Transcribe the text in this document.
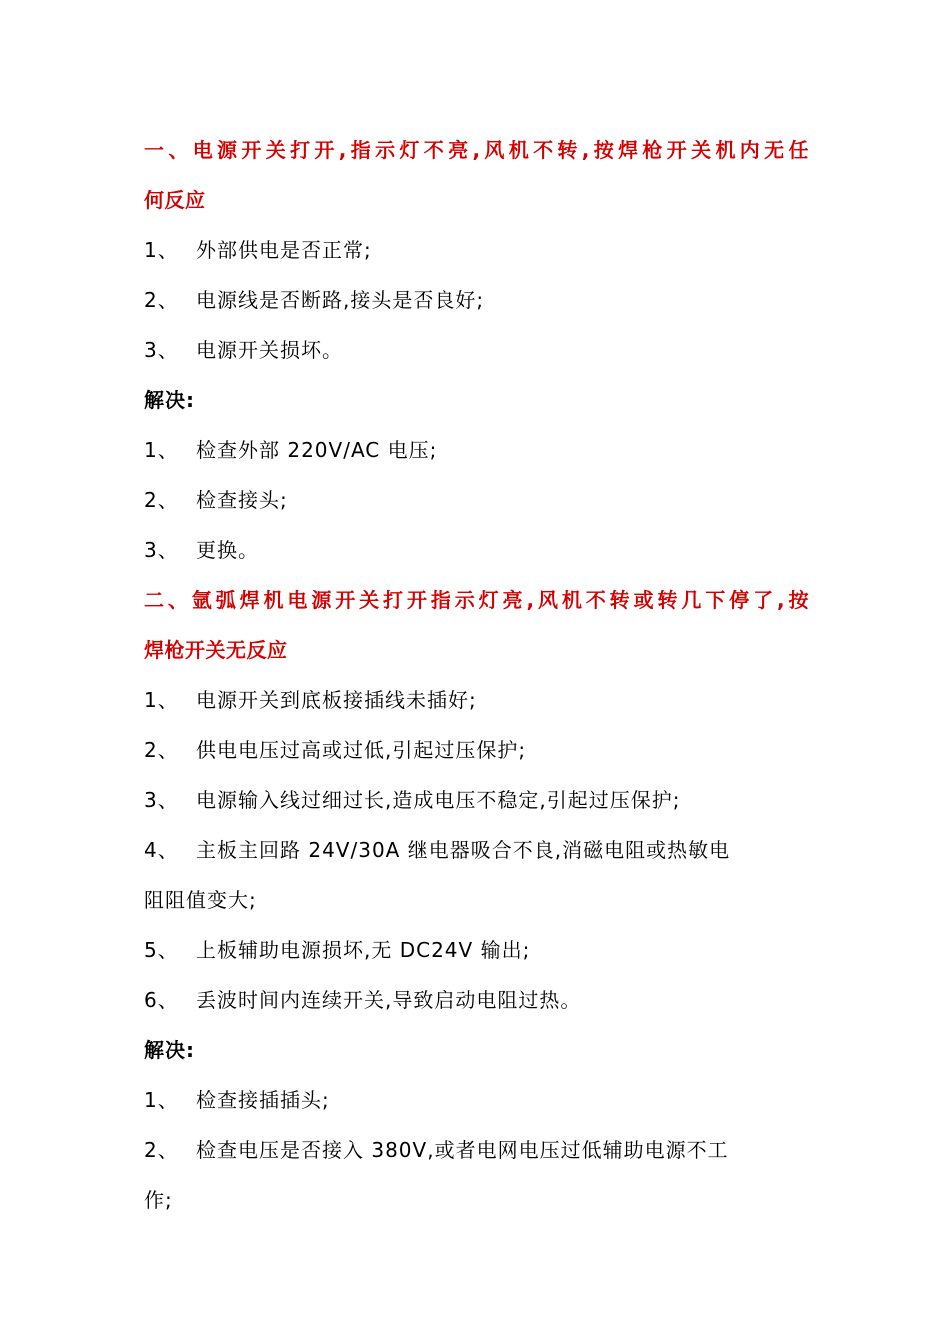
一、电源开关打开,指示灯不亮,风机不转,按焊枪开关机内无任
何反应
1、 外部供电是否正常;
2、 电源线是否断路,接头是否良好;
3、 电源开关损坏。
解决:
1、 检查外部 220V/AC 电压;
2、 检查接头;
3、 更换。
二、氩弧焊机电源开关打开指示灯亮,风机不转或转几下停了,按
焊枪开关无反应
1、 电源开关到底板接插线未插好;
2、 供电电压过高或过低,引起过压保护;
3、 电源输入线过细过长,造成电压不稳定,引起过压保护;
4、 主板主回路 24V/30A 继电器吸合不良,消磁电阻或热敏电
阻阻值变大;
5、 上板辅助电源损坏,无 DC24V 输出;
6、 丢波时间内连续开关,导致启动电阻过热。
解决:
1、 检查接插插头;
2、 检查电压是否接入 380V,或者电网电压过低辅助电源不工
作;
